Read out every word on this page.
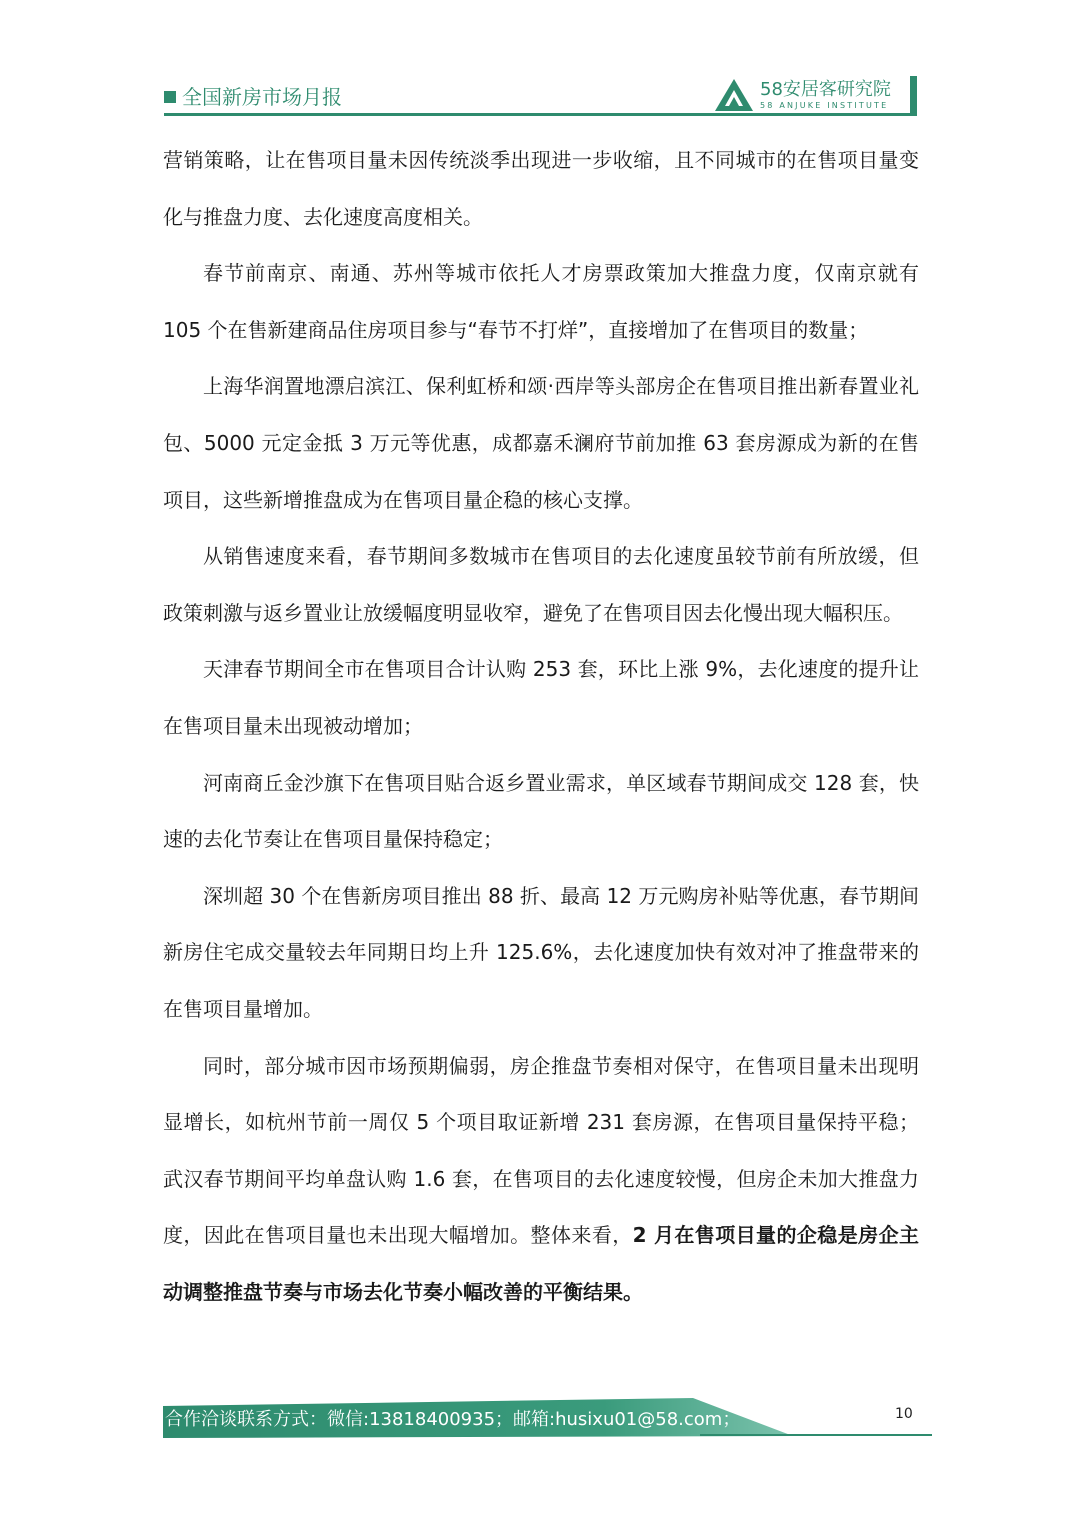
全国新房市场月报	58安居客研究院
58 ANJUKE INSTITUTE

营销策略，让在售项目量未因传统淡季出现进一步收缩，且不同城市的在售项目量变化与推盘力度、去化速度高度相关。

春节前南京、南通、苏州等城市依托人才房票政策加大推盘力度，仅南京就有 105 个在售新建商品住房项目参与“春节不打烊”，直接增加了在售项目的数量；

上海华润置地漂启滨江、保利虹桥和颂·西岸等头部房企在售项目推出新春置业礼包、5000 元定金抵 3 万元等优惠，成都嘉禾澜府节前加推 63 套房源成为新的在售项目，这些新增推盘成为在售项目量企稳的核心支撑。

从销售速度来看，春节期间多数城市在售项目的去化速度虽较节前有所放缓，但政策刺激与返乡置业让放缓幅度明显收窄，避免了在售项目因去化慢出现大幅积压。

天津春节期间全市在售项目合计认购 253 套，环比上涨 9%，去化速度的提升让在售项目量未出现被动增加；

河南商丘金沙旗下在售项目贴合返乡置业需求，单区域春节期间成交 128 套，快速的去化节奏让在售项目量保持稳定；

深圳超 30 个在售新房项目推出 88 折、最高 12 万元购房补贴等优惠，春节期间新房住宅成交量较去年同期日均上升 125.6%，去化速度加快有效对冲了推盘带来的在售项目量增加。

同时，部分城市因市场预期偏弱，房企推盘节奏相对保守，在售项目量未出现明显增长，如杭州节前一周仅 5 个项目取证新增 231 套房源，在售项目量保持平稳；武汉春节期间平均单盘认购 1.6 套，在售项目的去化速度较慢，但房企未加大推盘力度，因此在售项目量也未出现大幅增加。整体来看，2 月在售项目量的企稳是房企主动调整推盘节奏与市场去化节奏小幅改善的平衡结果。

合作洽谈联系方式：微信:13818400935；邮箱:husixu01@58.com；	10
